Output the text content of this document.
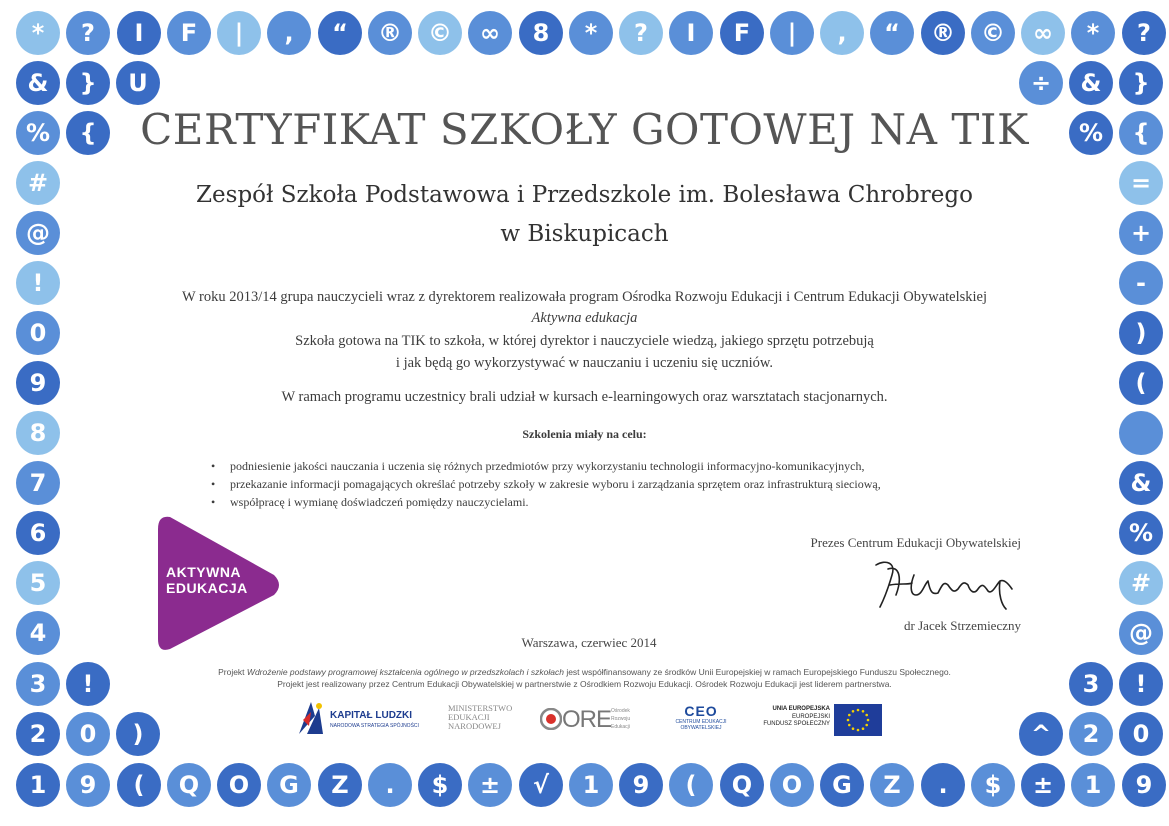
*	?	I	F	|	,	“	®	©	∞	8	*	?	I	F	|	,	“	®	©	∞	*	?
1	9	(	Q	O	G	Z	.	$	±	√	1	9	(	Q	O	G	Z	.	$	±	1	9
&	}	U
%	{
#
@
!
0
9
8
7
6
5
4
3	!
2	0	)
÷	&	}
%	{
=
+
-
)
(
&
%
#
@
3	!
^	2	0
CERTYFIKAT SZKOŁY GOTOWEJ NA TIK
Zespół Szkoła Podstawowa i Przedszkole im. Bolesława Chrobrego
w Biskupicach
W roku 2013/14 grupa nauczycieli wraz z dyrektorem realizowała program Ośrodka Rozwoju Edukacji i Centrum Edukacji Obywatelskiej
Aktywna edukacja
Szkoła gotowa na TIK to szkoła, w której dyrektor i nauczyciele wiedzą, jakiego sprzętu potrzebują
i jak będą go wykorzystywać w nauczaniu i uczeniu się uczniów.
W ramach programu uczestnicy brali udział w kursach e-learningowych oraz warsztatach stacjonarnych.
Szkolenia miały na celu:
• podniesienie jakości nauczania i uczenia się różnych przedmiotów przy wykorzystaniu technologii informacyjno-komunikacyjnych,
• przekazanie informacji pomagających określać potrzeby szkoły w zakresie wyboru i zarządzania sprzętem oraz infrastrukturą sieciową,
• współpracę i wymianę doświadczeń pomiędzy nauczycielami.
AKTYWNA
EDUKACJA
Prezes Centrum Edukacji Obywatelskiej
dr Jacek Strzemieczny
Warszawa, czerwiec 2014
Projekt Wdrożenie podstawy programowej kształcenia ogólnego w przedszkolach i szkołach jest współfinansowany ze środków Unii Europejskiej w ramach Europejskiego Funduszu Społecznego.
Projekt jest realizowany przez Centrum Edukacji Obywatelskiej w partnerstwie z Ośrodkiem Rozwoju Edukacji. Ośrodek Rozwoju Edukacji jest liderem partnerstwa.
KAPITAŁ LUDZKI
NARODOWA STRATEGIA SPÓJNOŚCI
MINISTERSTWO
EDUKACJI
NARODOWEJ	ORE Ośrodek
Rozwoju
Edukacji
CEO
CENTRUM EDUKACJI
OBYWATELSKIEJ
UNIA EUROPEJSKA
EUROPEJSKI
FUNDUSZ SPOŁECZNY
